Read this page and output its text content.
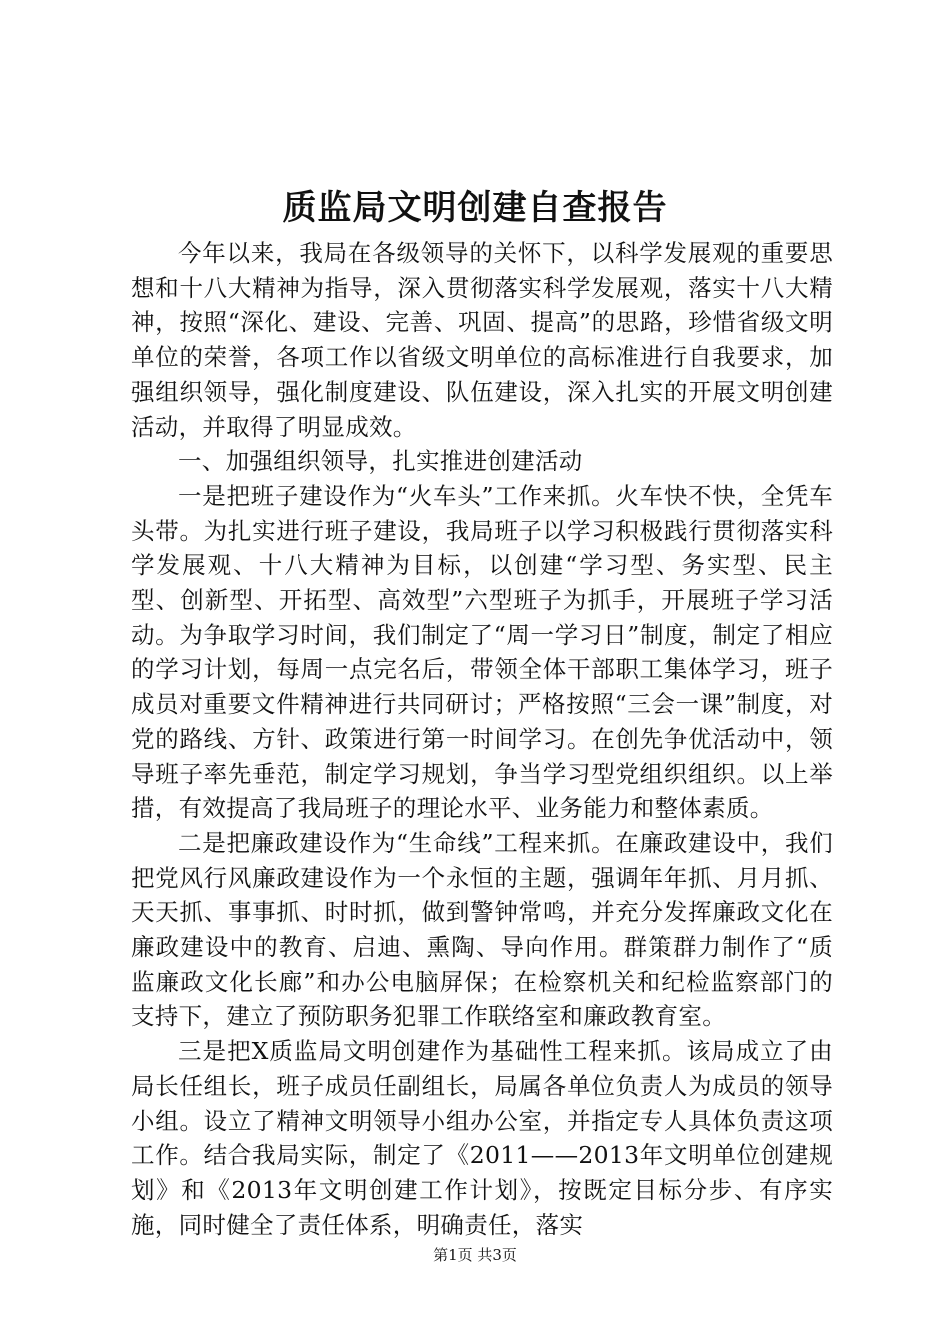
质监局文明创建自查报告

今年以来，我局在各级领导的关怀下，以科学发展观的重要思想和十八大精神为指导，深入贯彻落实科学发展观，落实十八大精神，按照“深化、建设、完善、巩固、提高”的思路，珍惜省级文明单位的荣誉，各项工作以省级文明单位的高标准进行自我要求，加强组织领导，强化制度建设、队伍建设，深入扎实的开展文明创建活动，并取得了明显成效。

一、加强组织领导，扎实推进创建活动

一是把班子建设作为“火车头”工作来抓。火车快不快，全凭车头带。为扎实进行班子建设，我局班子以学习积极践行贯彻落实科学发展观、十八大精神为目标，以创建“学习型、务实型、民主型、创新型、开拓型、高效型”六型班子为抓手，开展班子学习活动。为争取学习时间，我们制定了“周一学习日”制度，制定了相应的学习计划，每周一点完名后，带领全体干部职工集体学习，班子成员对重要文件精神进行共同研讨；严格按照“三会一课”制度，对党的路线、方针、政策进行第一时间学习。在创先争优活动中，领导班子率先垂范，制定学习规划，争当学习型党组织组织。以上举措，有效提高了我局班子的理论水平、业务能力和整体素质。

二是把廉政建设作为“生命线”工程来抓。在廉政建设中，我们把党风行风廉政建设作为一个永恒的主题，强调年年抓、月月抓、天天抓、事事抓、时时抓，做到警钟常鸣，并充分发挥廉政文化在廉政建设中的教育、启迪、熏陶、导向作用。群策群力制作了“质监廉政文化长廊”和办公电脑屏保；在检察机关和纪检监察部门的支持下，建立了预防职务犯罪工作联络室和廉政教育室。

三是把X质监局文明创建作为基础性工程来抓。该局成立了由局长任组长，班子成员任副组长，局属各单位负责人为成员的领导小组。设立了精神文明领导小组办公室，并指定专人具体负责这项工作。结合我局实际，制定了《2011——2013年文明单位创建规划》和《2013年文明创建工作计划》，按既定目标分步、有序实施，同时健全了责任体系，明确责任，落实

第1页 共3页
